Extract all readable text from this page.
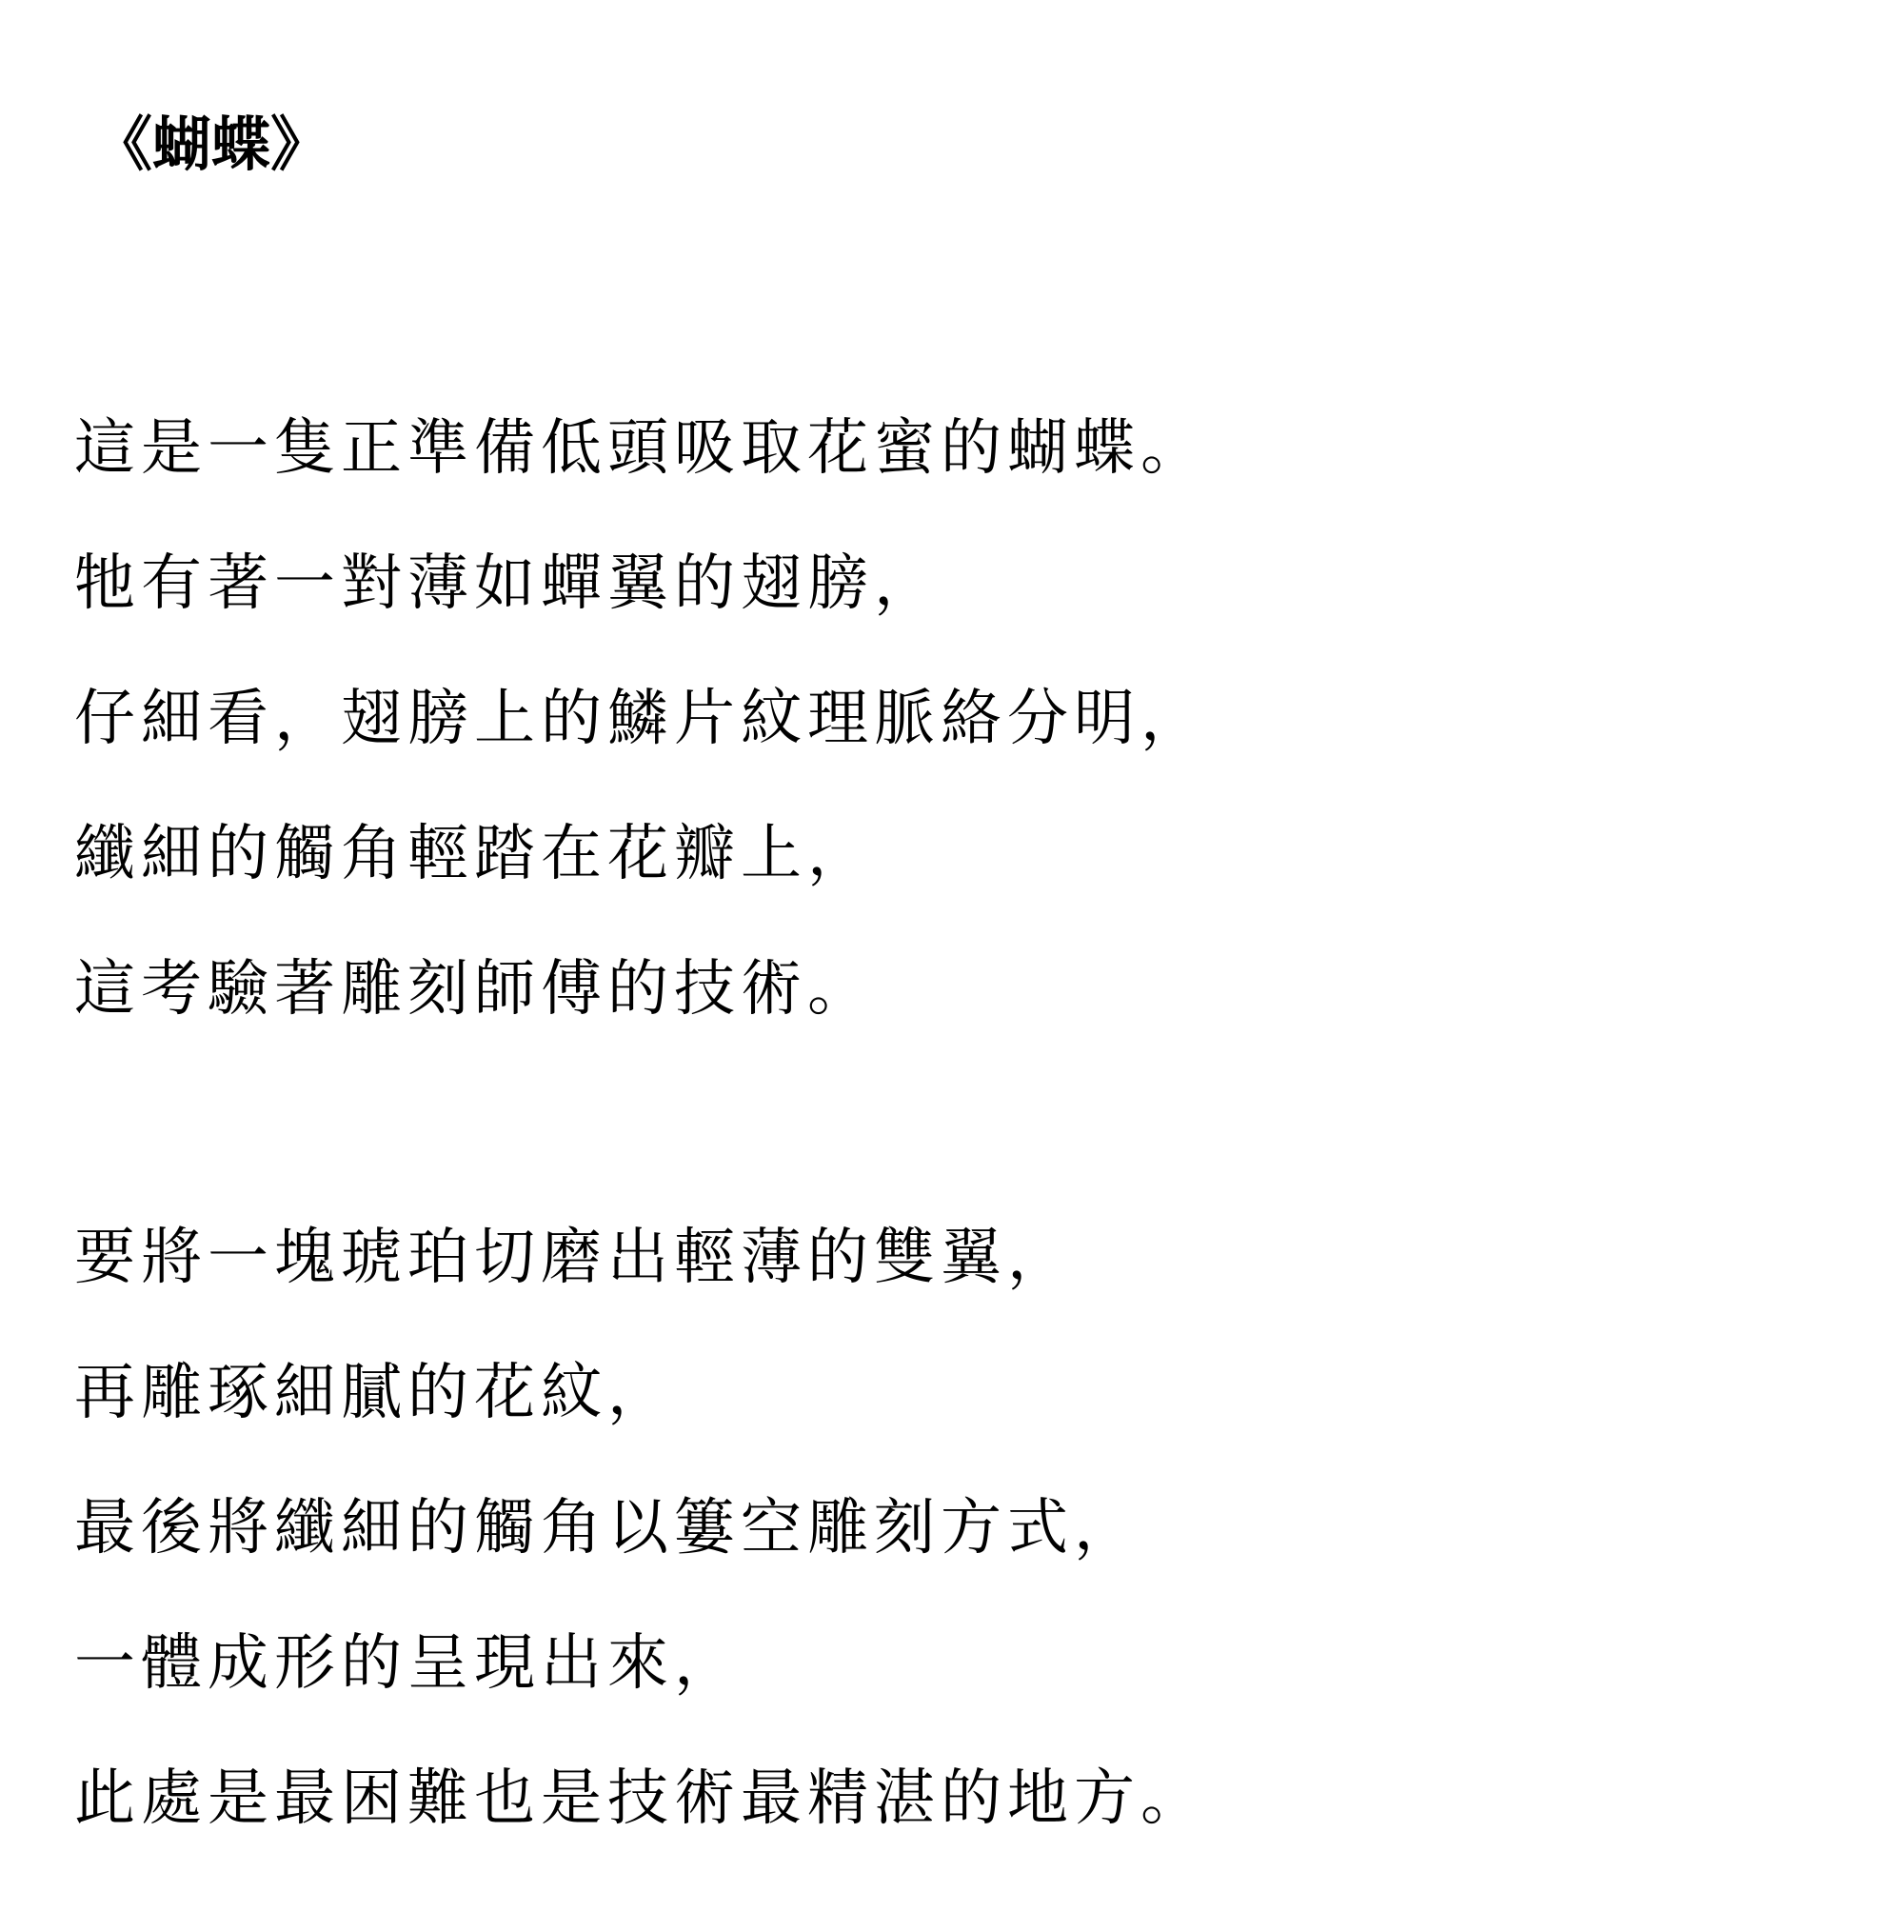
《蝴蝶》
這是一隻正準備低頭吸取花蜜的蝴蝶。
牠有著一對薄如蟬翼的翅膀，
仔細看，翅膀上的鱗片紋理脈絡分明，
纖細的觸角輕踏在花瓣上，
這考驗著雕刻師傅的技術。
要將一塊琥珀切磨出輕薄的雙翼，
再雕琢細膩的花紋，
最後將纖細的觸角以簍空雕刻方式，
一體成形的呈現出來，
此處是最困難也是技術最精湛的地方。
